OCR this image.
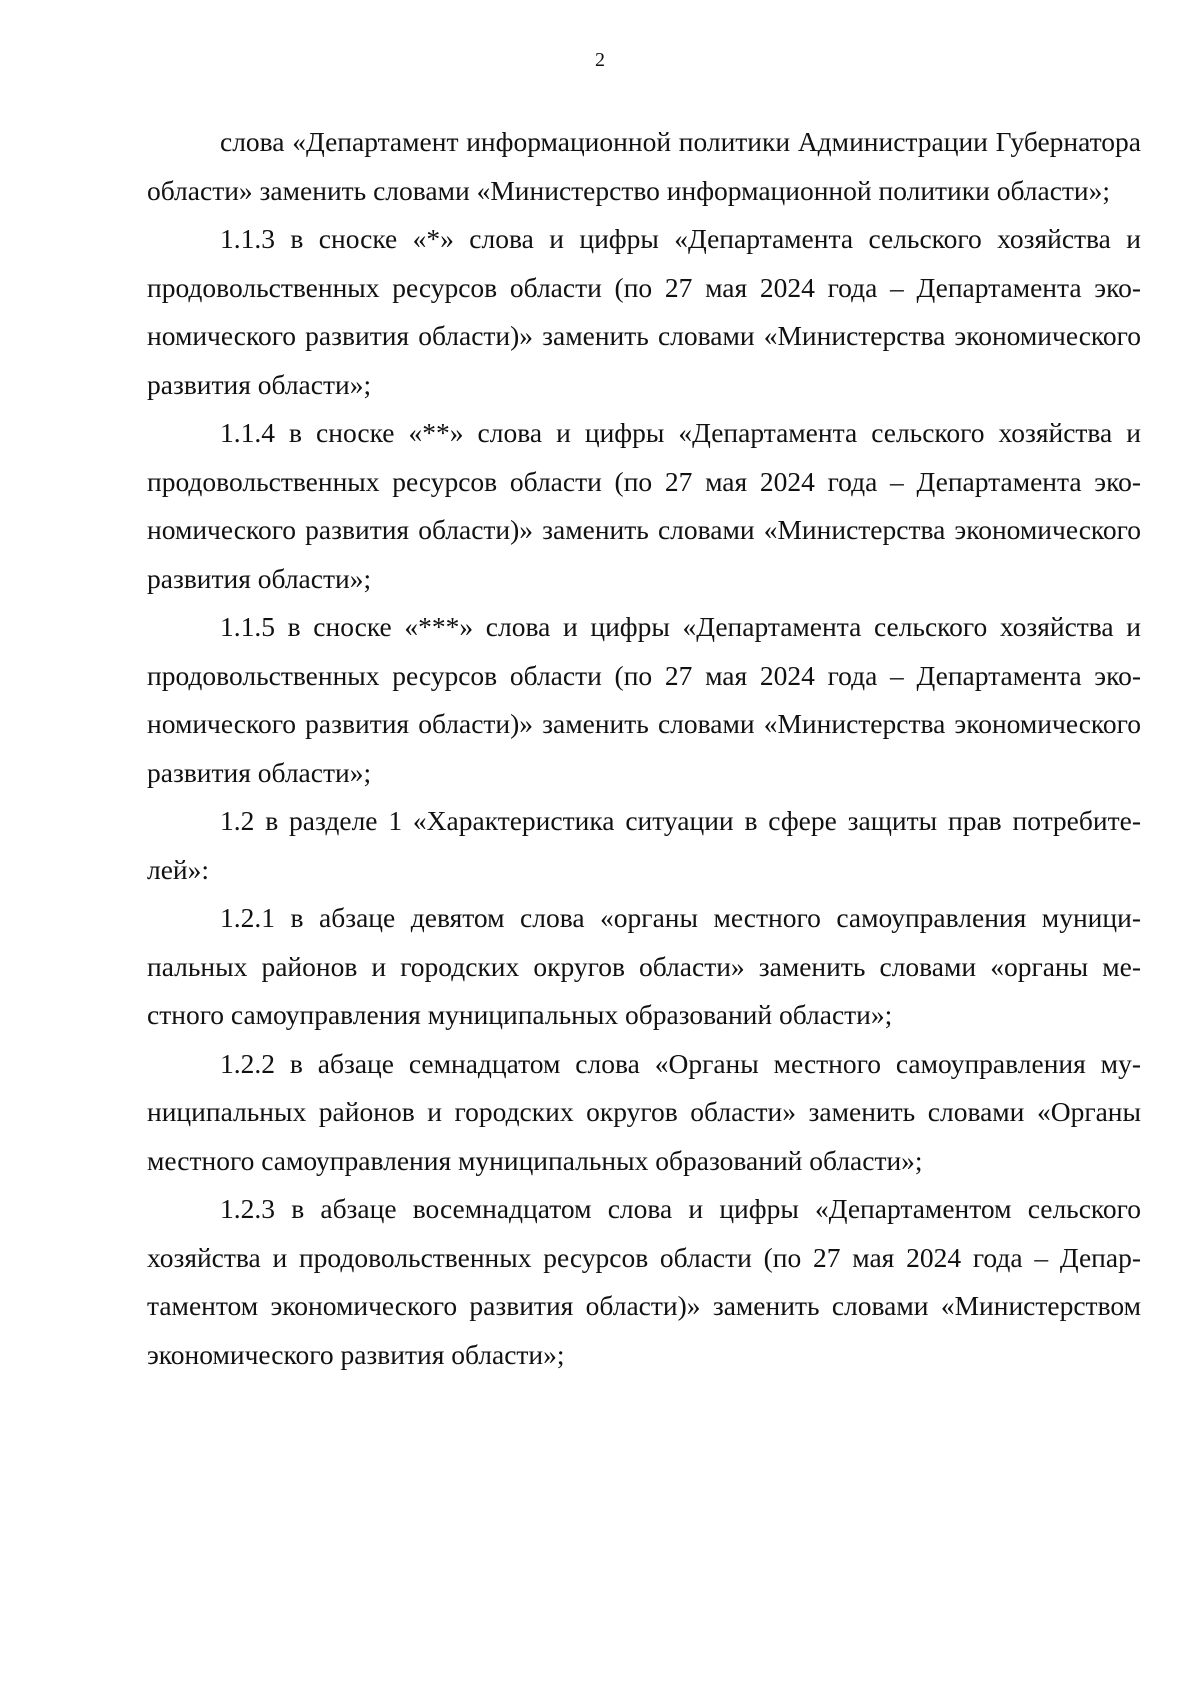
2

слова «Департамент информационной политики Администрации Губернатора области» заменить словами «Министерство информационной политики области»;

1.1.3 в сноске «*» слова и цифры «Департамента сельского хозяйства и продовольственных ресурсов области (по 27 мая 2024 года – Департамента экономического развития области)» заменить словами «Министерства экономического развития области»;

1.1.4 в сноске «**» слова и цифры «Департамента сельского хозяйства и продовольственных ресурсов области (по 27 мая 2024 года – Департамента экономического развития области)» заменить словами «Министерства экономического развития области»;

1.1.5 в сноске «***» слова и цифры «Департамента сельского хозяйства и продовольственных ресурсов области (по 27 мая 2024 года – Департамента экономического развития области)» заменить словами «Министерства экономического развития области»;

1.2 в разделе 1 «Характеристика ситуации в сфере защиты прав потребителей»:

1.2.1 в абзаце девятом слова «органы местного самоуправления муниципальных районов и городских округов области» заменить словами «органы местного самоуправления муниципальных образований области»;

1.2.2 в абзаце семнадцатом слова «Органы местного самоуправления муниципальных районов и городских округов области» заменить словами «Органы местного самоуправления муниципальных образований области»;

1.2.3 в абзаце восемнадцатом слова и цифры «Департаментом сельского хозяйства и продовольственных ресурсов области (по 27 мая 2024 года – Департаментом экономического развития области)» заменить словами «Министерством экономического развития области»;
